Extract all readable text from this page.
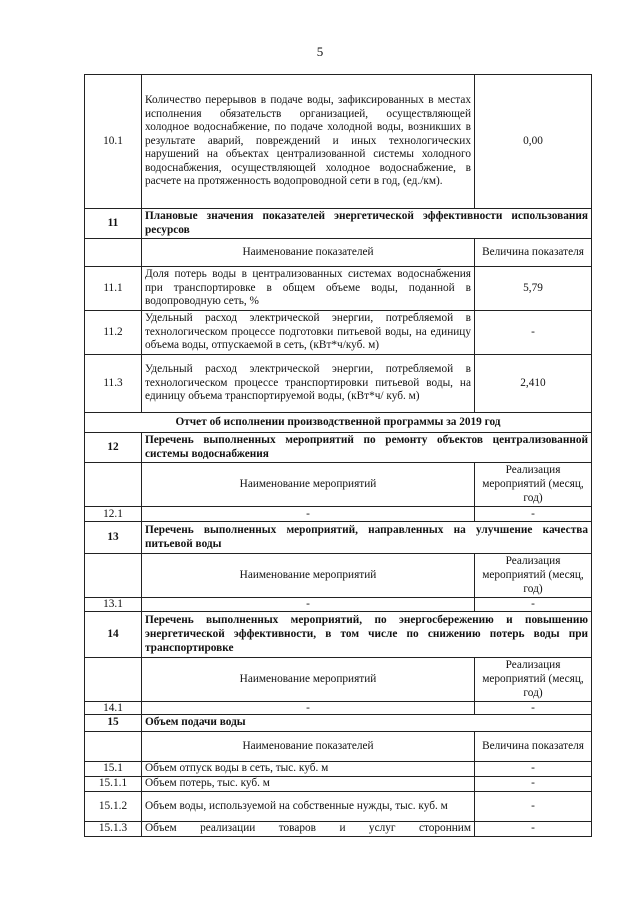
5
10.1	Количество перерывов в подаче воды, зафиксированных в местах исполнения обязательств организацией, осуществляющей холодное водоснабжение, по подаче холодной воды, возникших в результате аварий, повреждений и иных технологических нарушений на объектах централизованной системы холодного водоснабжения, осуществляющей холодное водоснабжение, в расчете на протяженность водопроводной сети в год, (ед./км).	0,00
11	Плановые значения показателей энергетической эффективности использования ресурсов	
	Наименование показателей	Величина показателя
11.1	Доля потерь воды в централизованных системах водоснабжения при транспортировке в общем объеме воды, поданной в водопроводную сеть, %	5,79
11.2	Удельный расход электрической энергии, потребляемой в технологическом процессе подготовки питьевой воды, на единицу объема воды, отпускаемой в сеть, (кВт*ч/куб. м)	-
11.3	Удельный расход электрической энергии, потребляемой в технологическом процессе транспортировки питьевой воды, на единицу объема транспортируемой воды, (кВт*ч/ куб. м)	2,410
Отчет об исполнении производственной программы за 2019 год		
12	Перечень выполненных мероприятий по ремонту объектов централизованной системы водоснабжения	
	Наименование мероприятий	Реализация мероприятий (месяц, год)
12.1	-	-
13	Перечень выполненных мероприятий, направленных на улучшение качества питьевой воды	
	Наименование мероприятий	Реализация мероприятий (месяц, год)
13.1	-	-
14	Перечень выполненных мероприятий, по энергосбережению и повышению энергетической эффективности, в том числе по снижению потерь воды при транспортировке	
	Наименование мероприятий	Реализация мероприятий (месяц, год)
14.1	-	-
15	Объем подачи воды	
	Наименование показателей	Величина показателя
15.1	Объем отпуск воды в сеть, тыс. куб. м	-
15.1.1	Объем потерь, тыс. куб. м	-
15.1.2	Объем воды, используемой на собственные нужды, тыс. куб. м	-
15.1.3	Объем реализации товаров и услуг сторонним	-
